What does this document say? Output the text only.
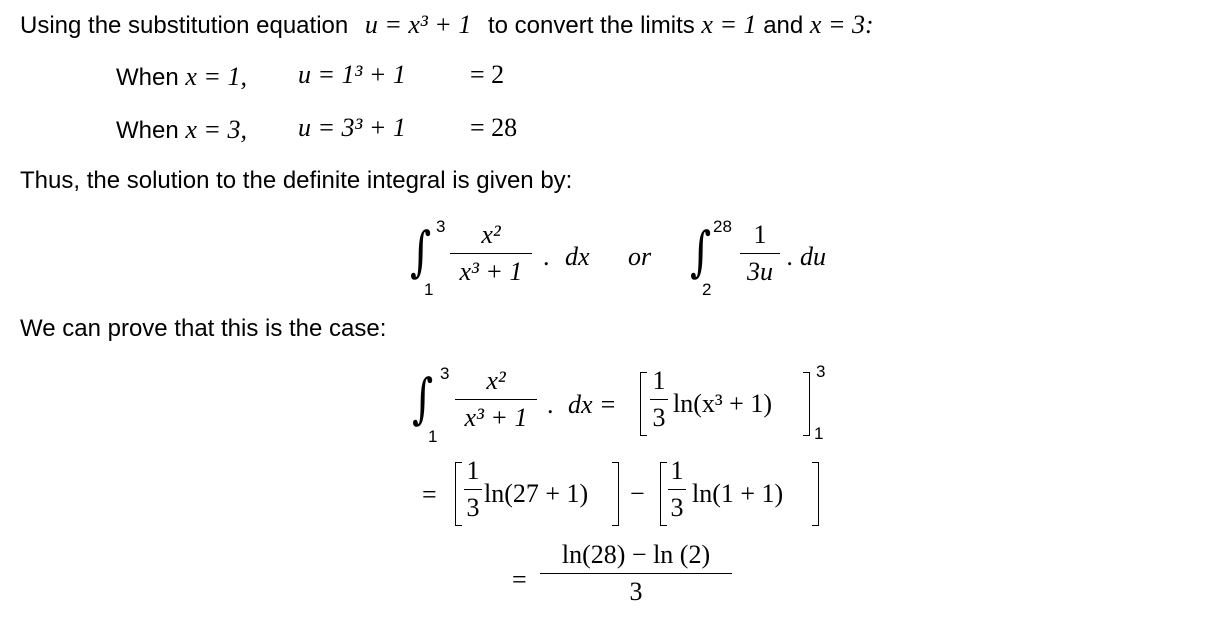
Using the substitution equation u = x³ + 1 to convert the limits x = 1 and x = 3:
When x = 1, u = 1³ + 1 = 2
When x = 3, u = 3³ + 1 = 28
Thus, the solution to the definite integral is given by:
∫ 3
1
x²
x³ + 1
. dx or ∫ 28
2
1
3u
. du
We can prove that this is the case:
∫ 3
1
x²
x³ + 1 . dx =
1
3 ln(x³ + 1)
3
1
=
1
3 ln(27 + 1) −
1
3 ln(1 + 1)
=
ln(28) − ln (2)
3
